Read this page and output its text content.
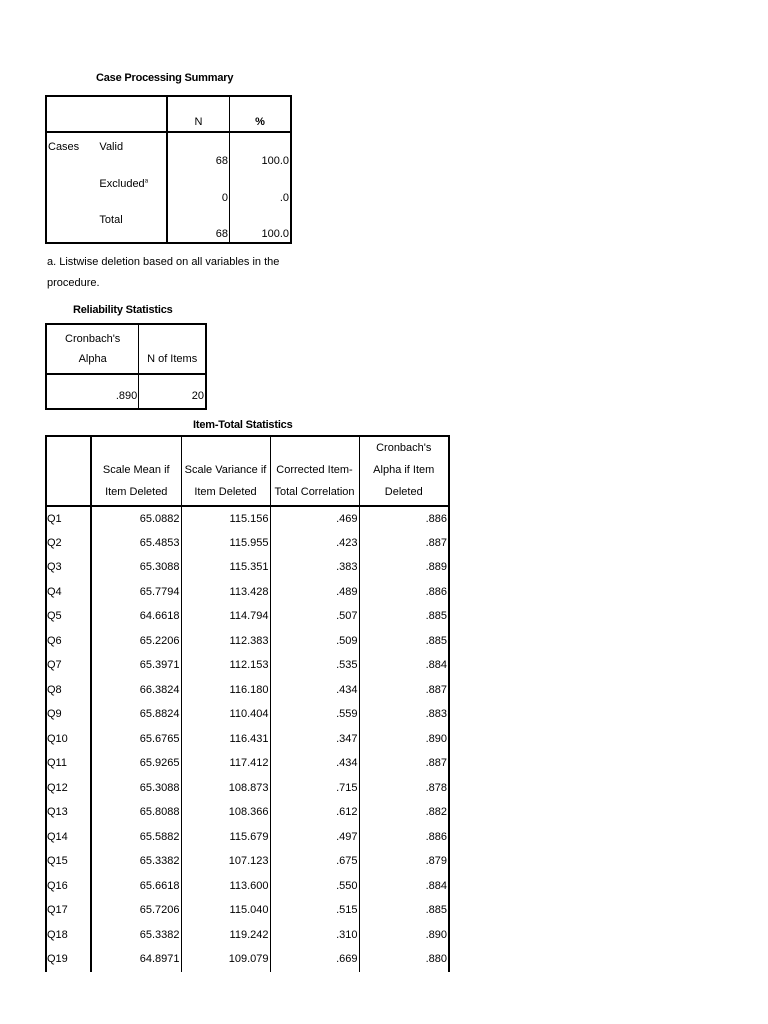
Case Processing Summary
		N	%
Cases	Valid	68	100.0
	Excluded$^a$	0	.0
	Total	68	100.0
a. Listwise deletion based on all variables in the procedure.
Reliability Statistics
Cronbach's Alpha	N of Items
.890	20
Item-Total Statistics
	Scale Mean if Item Deleted	Scale Variance if Item Deleted	Corrected Item-Total Correlation	Cronbach's Alpha if Item Deleted
Q1	65.0882	115.156	.469	.886
Q2	65.4853	115.955	.423	.887
Q3	65.3088	115.351	.383	.889
Q4	65.7794	113.428	.489	.886
Q5	64.6618	114.794	.507	.885
Q6	65.2206	112.383	.509	.885
Q7	65.3971	112.153	.535	.884
Q8	66.3824	116.180	.434	.887
Q9	65.8824	110.404	.559	.883
Q10	65.6765	116.431	.347	.890
Q11	65.9265	117.412	.434	.887
Q12	65.3088	108.873	.715	.878
Q13	65.8088	108.366	.612	.882
Q14	65.5882	115.679	.497	.886
Q15	65.3382	107.123	.675	.879
Q16	65.6618	113.600	.550	.884
Q17	65.7206	115.040	.515	.885
Q18	65.3382	119.242	.310	.890
Q19	64.8971	109.079	.669	.880
